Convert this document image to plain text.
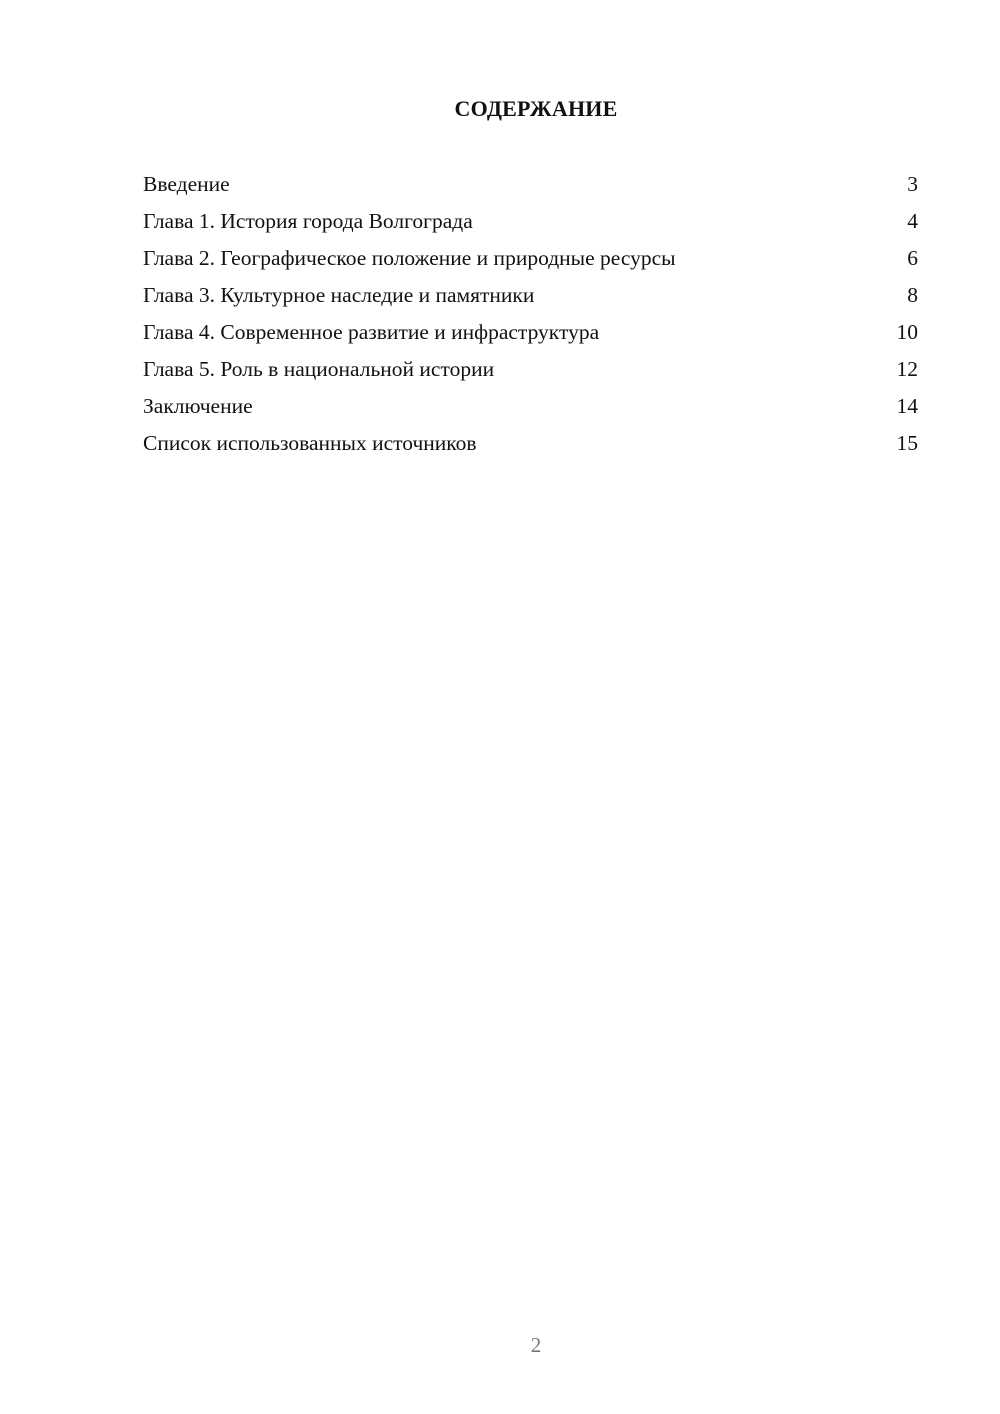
СОДЕРЖАНИЕ
Введение	3
Глава 1. История города Волгограда	4
Глава 2. Географическое положение и природные ресурсы	6
Глава 3. Культурное наследие и памятники	8
Глава 4. Современное развитие и инфраструктура	10
Глава 5. Роль в национальной истории	12
Заключение	14
Список использованных источников	15
2
